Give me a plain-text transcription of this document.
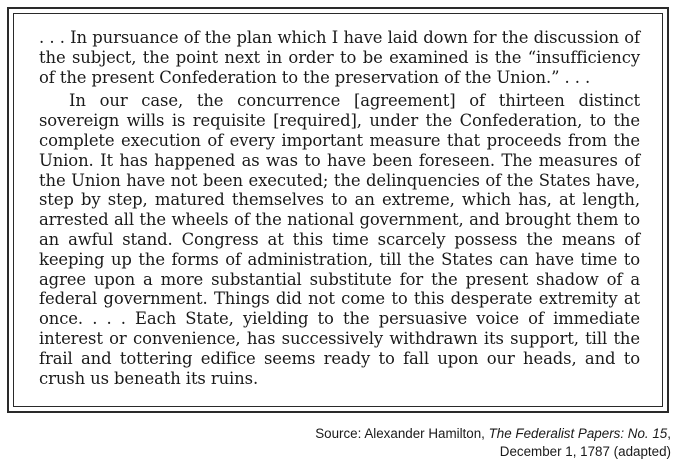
. . . In pursuance of the plan which I have laid down for the discussion of the subject, the point next in order to be examined is the “insufficiency of the present Confederation to the preservation of the Union.” . . .

In our case, the concurrence [agreement] of thirteen distinct sovereign wills is requisite [required], under the Confederation, to the complete execution of every important measure that proceeds from the Union. It has happened as was to have been foreseen. The measures of the Union have not been executed; the delinquencies of the States have, step by step, matured themselves to an extreme, which has, at length, arrested all the wheels of the national government, and brought them to an awful stand. Congress at this time scarcely possess the means of keeping up the forms of administration, till the States can have time to agree upon a more substantial substitute for the present shadow of a federal government. Things did not come to this desperate extremity at once. . . . Each State, yielding to the persuasive voice of immediate interest or convenience, has successively withdrawn its support, till the frail and tottering edifice seems ready to fall upon our heads, and to crush us beneath its ruins.

Source: Alexander Hamilton, The Federalist Papers: No. 15,
December 1, 1787 (adapted)
